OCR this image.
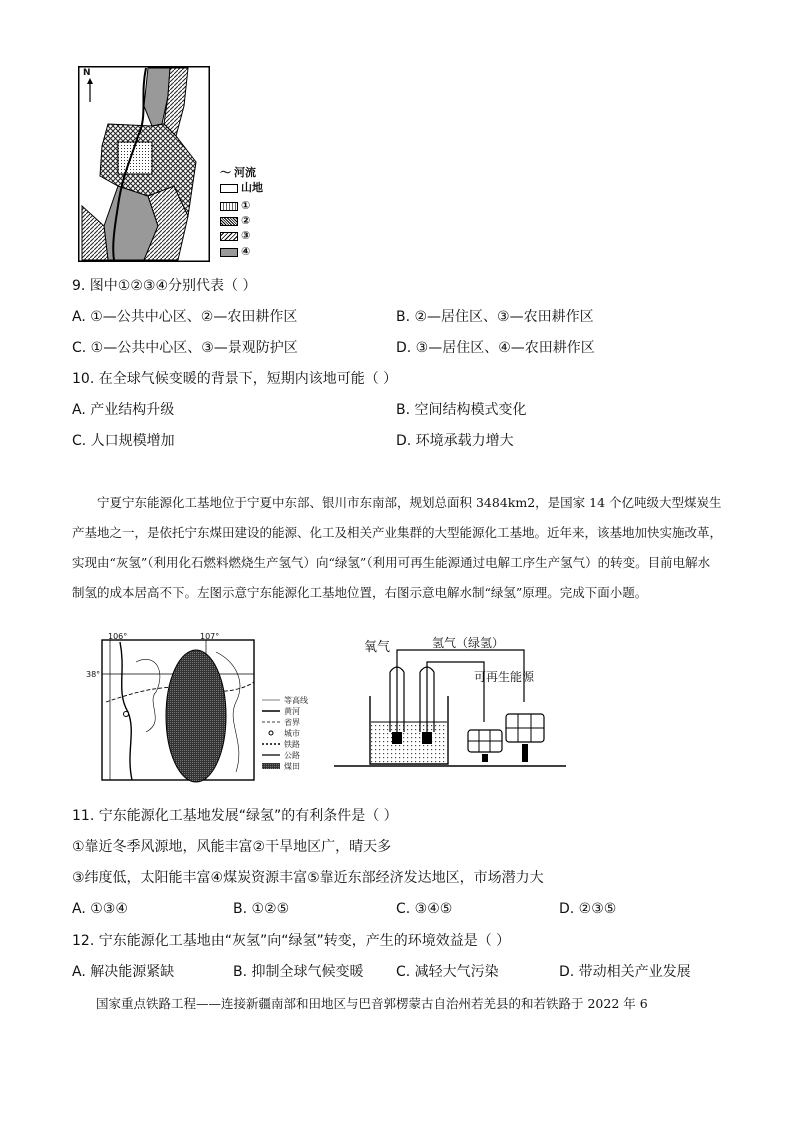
N
〜 河流
山地
①
②
③
④
9. 图中①②③④分别代表（ ）
A. ①—公共中心区、②—农田耕作区	B. ②—居住区、③—农田耕作区
C. ①—公共中心区、③—景观防护区	D. ③—居住区、④—农田耕作区
10. 在全球气候变暖的背景下，短期内该地可能（ ）
A. 产业结构升级	B. 空间结构模式变化
C. 人口规模增加	D. 环境承载力增大
宁夏宁东能源化工基地位于宁夏中东部、银川市东南部，规划总面积 3484km2，是国家 14 个亿吨级大型煤炭生产基地之一，是依托宁东煤田建设的能源、化工及相关产业集群的大型能源化工基地。近年来，该基地加快实施改革，实现由“灰氢”（利用化石燃料燃烧生产氢气）向“绿氢”（利用可再生能源通过电解工序生产氢气）的转变。目前电解水制氢的成本居高不下。左图示意宁东能源化工基地位置，右图示意电解水制“绿氢”原理。完成下面小题。
106°	107°
38°
等高线
黄河
省界
城市
铁路
公路
煤田
氧气	氢气（绿氢）
可再生能源
11. 宁东能源化工基地发展“绿氢”的有利条件是（ ）
①靠近冬季风源地，风能丰富②干旱地区广，晴天多
③纬度低，太阳能丰富④煤炭资源丰富⑤靠近东部经济发达地区，市场潜力大
A. ①③④	B. ①②⑤	C. ③④⑤	D. ②③⑤
12. 宁东能源化工基地由“灰氢”向“绿氢”转变，产生的环境效益是（ ）
A. 解决能源紧缺	B. 抑制全球气候变暖 C. 减轻大气污染	D. 带动相关产业发展
国家重点铁路工程——连接新疆南部和田地区与巴音郭楞蒙古自治州若羌县的和若铁路于 2022 年 6
